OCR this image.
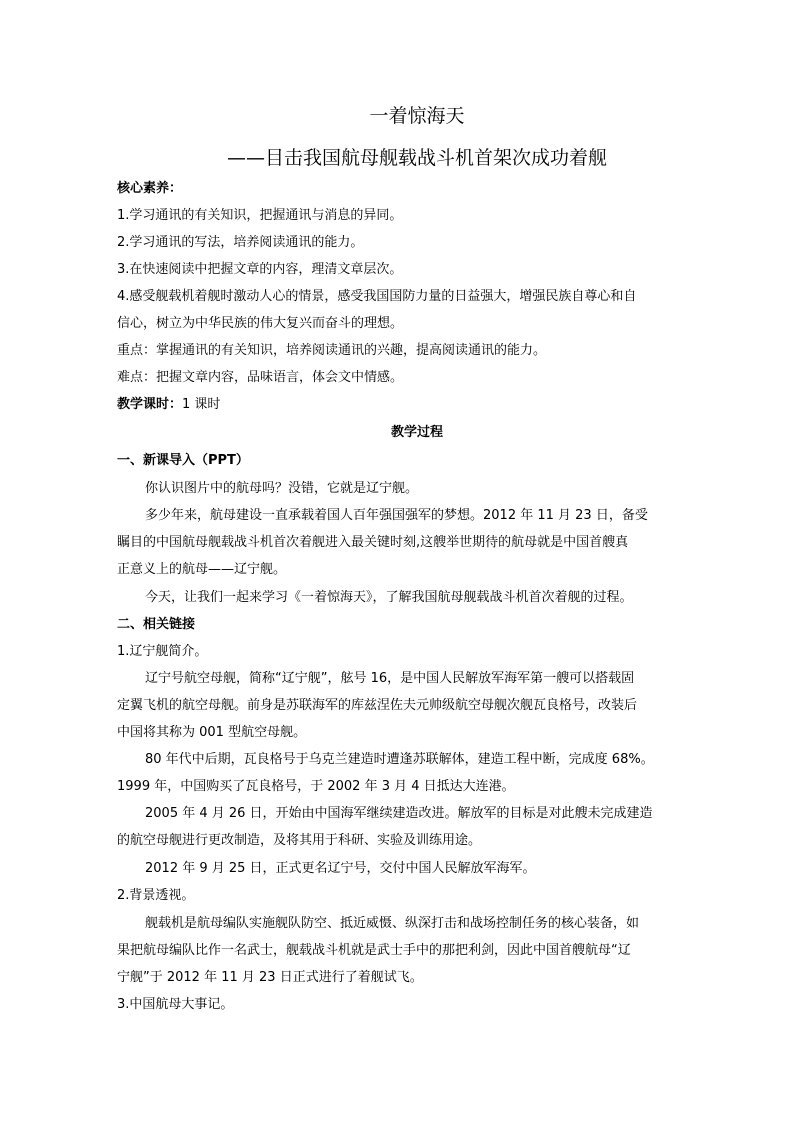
一着惊海天
——目击我国航母舰载战斗机首架次成功着舰
核心素养：
1.学习通讯的有关知识，把握通讯与消息的异同。
2.学习通讯的写法，培养阅读通讯的能力。
3.在快速阅读中把握文章的内容，理清文章层次。
4.感受舰载机着舰时激动人心的情景，感受我国国防力量的日益强大，增强民族自尊心和自
信心，树立为中华民族的伟大复兴而奋斗的理想。
重点：掌握通讯的有关知识，培养阅读通讯的兴趣，提高阅读通讯的能力。
难点：把握文章内容，品味语言，体会文中情感。
教学课时：1 课时
教学过程
一、新课导入（PPT）
你认识图片中的航母吗？没错，它就是辽宁舰。
多少年来，航母建设一直承载着国人百年强国强军的梦想。2012 年 11 月 23 日，备受
瞩目的中国航母舰载战斗机首次着舰进入最关键时刻,这艘举世期待的航母就是中国首艘真
正意义上的航母——辽宁舰。
今天，让我们一起来学习《一着惊海天》，了解我国航母舰载战斗机首次着舰的过程。
二、相关链接
1.辽宁舰简介。
辽宁号航空母舰，简称“辽宁舰”，舷号 16，是中国人民解放军海军第一艘可以搭载固
定翼飞机的航空母舰。前身是苏联海军的库兹涅佐夫元帅级航空母舰次舰瓦良格号，改装后
中国将其称为 001 型航空母舰。
80 年代中后期，瓦良格号于乌克兰建造时遭逢苏联解体，建造工程中断，完成度 68%。
1999 年，中国购买了瓦良格号，于 2002 年 3 月 4 日抵达大连港。
2005 年 4 月 26 日，开始由中国海军继续建造改进。解放军的目标是对此艘未完成建造
的航空母舰进行更改制造，及将其用于科研、实验及训练用途。
2012 年 9 月 25 日，正式更名辽宁号，交付中国人民解放军海军。
2.背景透视。
舰载机是航母编队实施舰队防空、抵近威慑、纵深打击和战场控制任务的核心装备，如
果把航母编队比作一名武士，舰载战斗机就是武士手中的那把利剑，因此中国首艘航母“辽
宁舰”于 2012 年 11 月 23 日正式进行了着舰试飞。
3.中国航母大事记。
